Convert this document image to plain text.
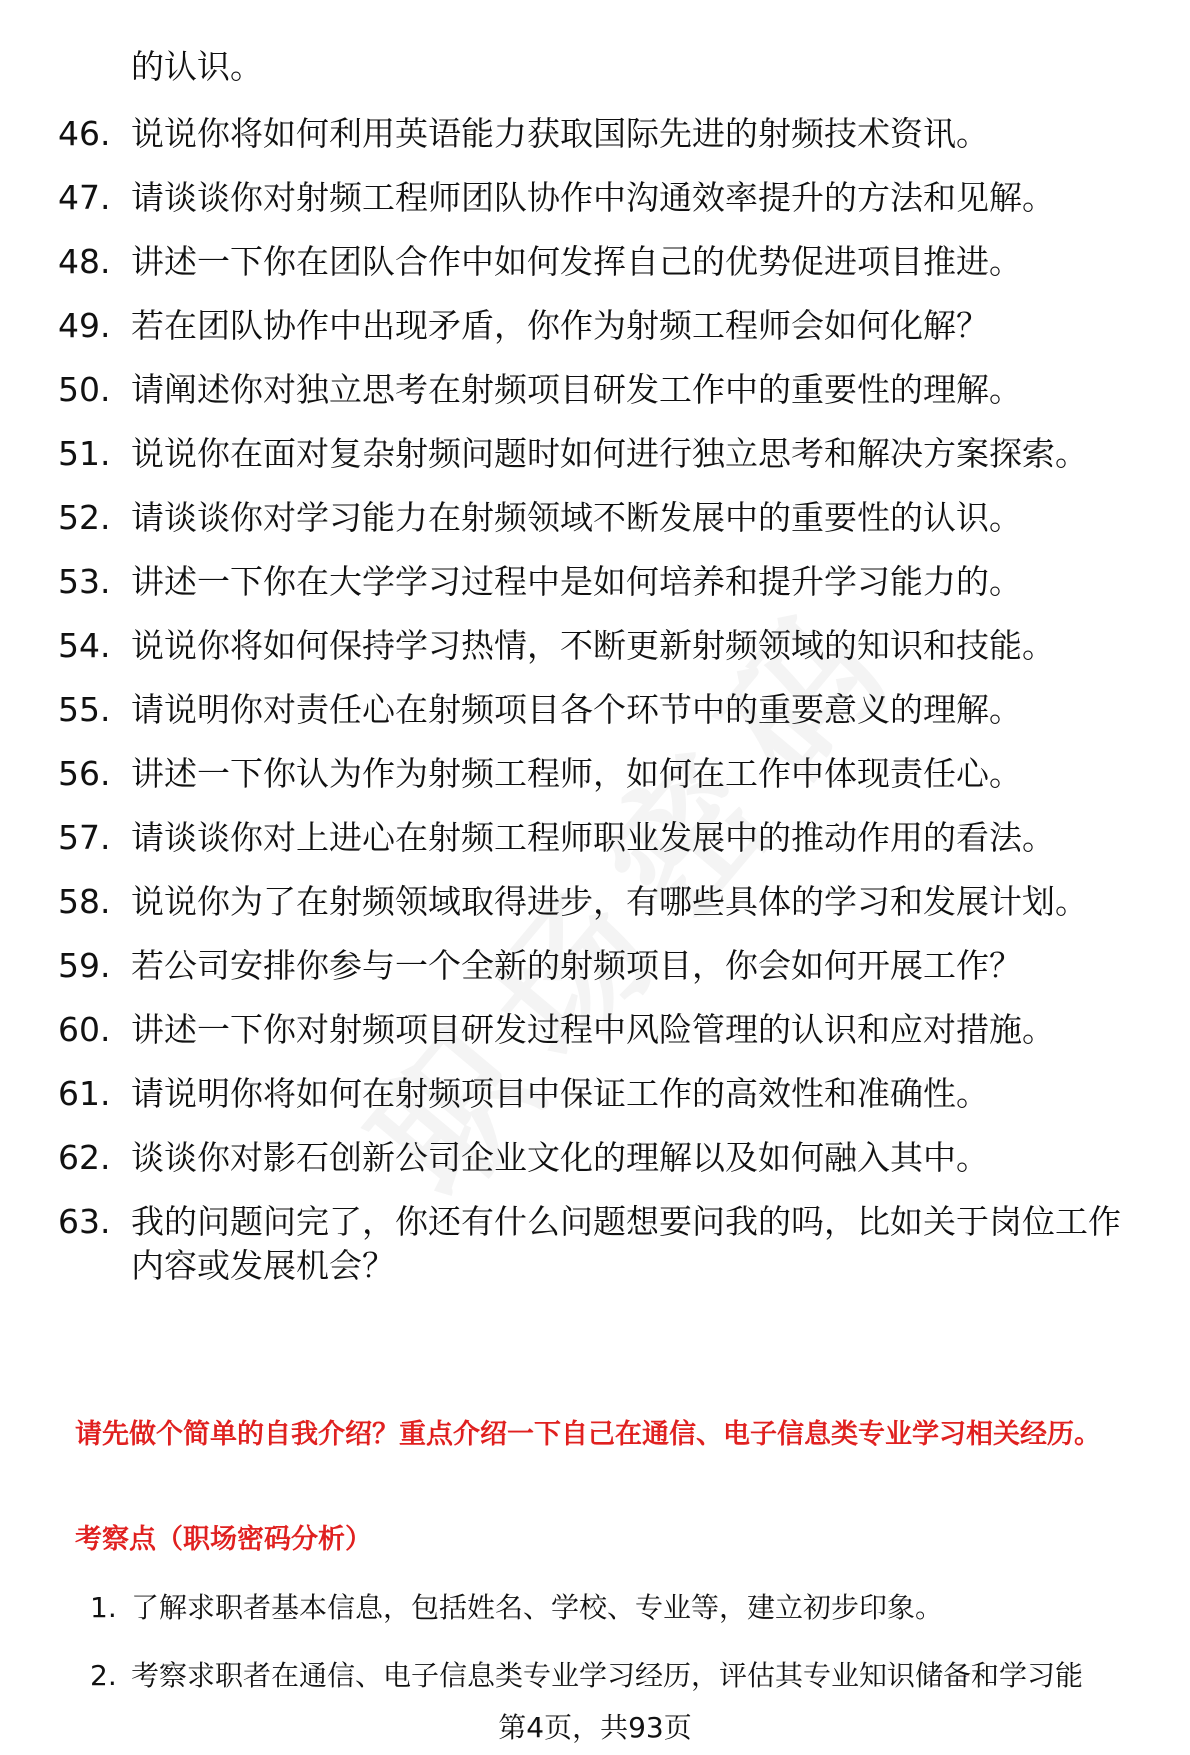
的认识。
46. 说说你将如何利用英语能力获取国际先进的射频技术资讯。
47. 请谈谈你对射频工程师团队协作中沟通效率提升的方法和见解。
48. 讲述一下你在团队合作中如何发挥自己的优势促进项目推进。
49. 若在团队协作中出现矛盾，你作为射频工程师会如何化解？
50. 请阐述你对独立思考在射频项目研发工作中的重要性的理解。
51. 说说你在面对复杂射频问题时如何进行独立思考和解决方案探索。
52. 请谈谈你对学习能力在射频领域不断发展中的重要性的认识。
53. 讲述一下你在大学学习过程中是如何培养和提升学习能力的。
54. 说说你将如何保持学习热情，不断更新射频领域的知识和技能。
55. 请说明你对责任心在射频项目各个环节中的重要意义的理解。
56. 讲述一下你认为作为射频工程师，如何在工作中体现责任心。
57. 请谈谈你对上进心在射频工程师职业发展中的推动作用的看法。
58. 说说你为了在射频领域取得进步，有哪些具体的学习和发展计划。
59. 若公司安排你参与一个全新的射频项目，你会如何开展工作？
60. 讲述一下你对射频项目研发过程中风险管理的认识和应对措施。
61. 请说明你将如何在射频项目中保证工作的高效性和准确性。
62. 谈谈你对影石创新公司企业文化的理解以及如何融入其中。
63. 我的问题问完了，你还有什么问题想要问我的吗，比如关于岗位工作内容或发展机会？
请先做个简单的自我介绍？重点介绍一下自己在通信、电子信息类专业学习相关经历。
考察点（职场密码分析）
1. 了解求职者基本信息，包括姓名、学校、专业等，建立初步印象。
2. 考察求职者在通信、电子信息类专业学习经历，评估其专业知识储备和学习能
第4页，共93页
